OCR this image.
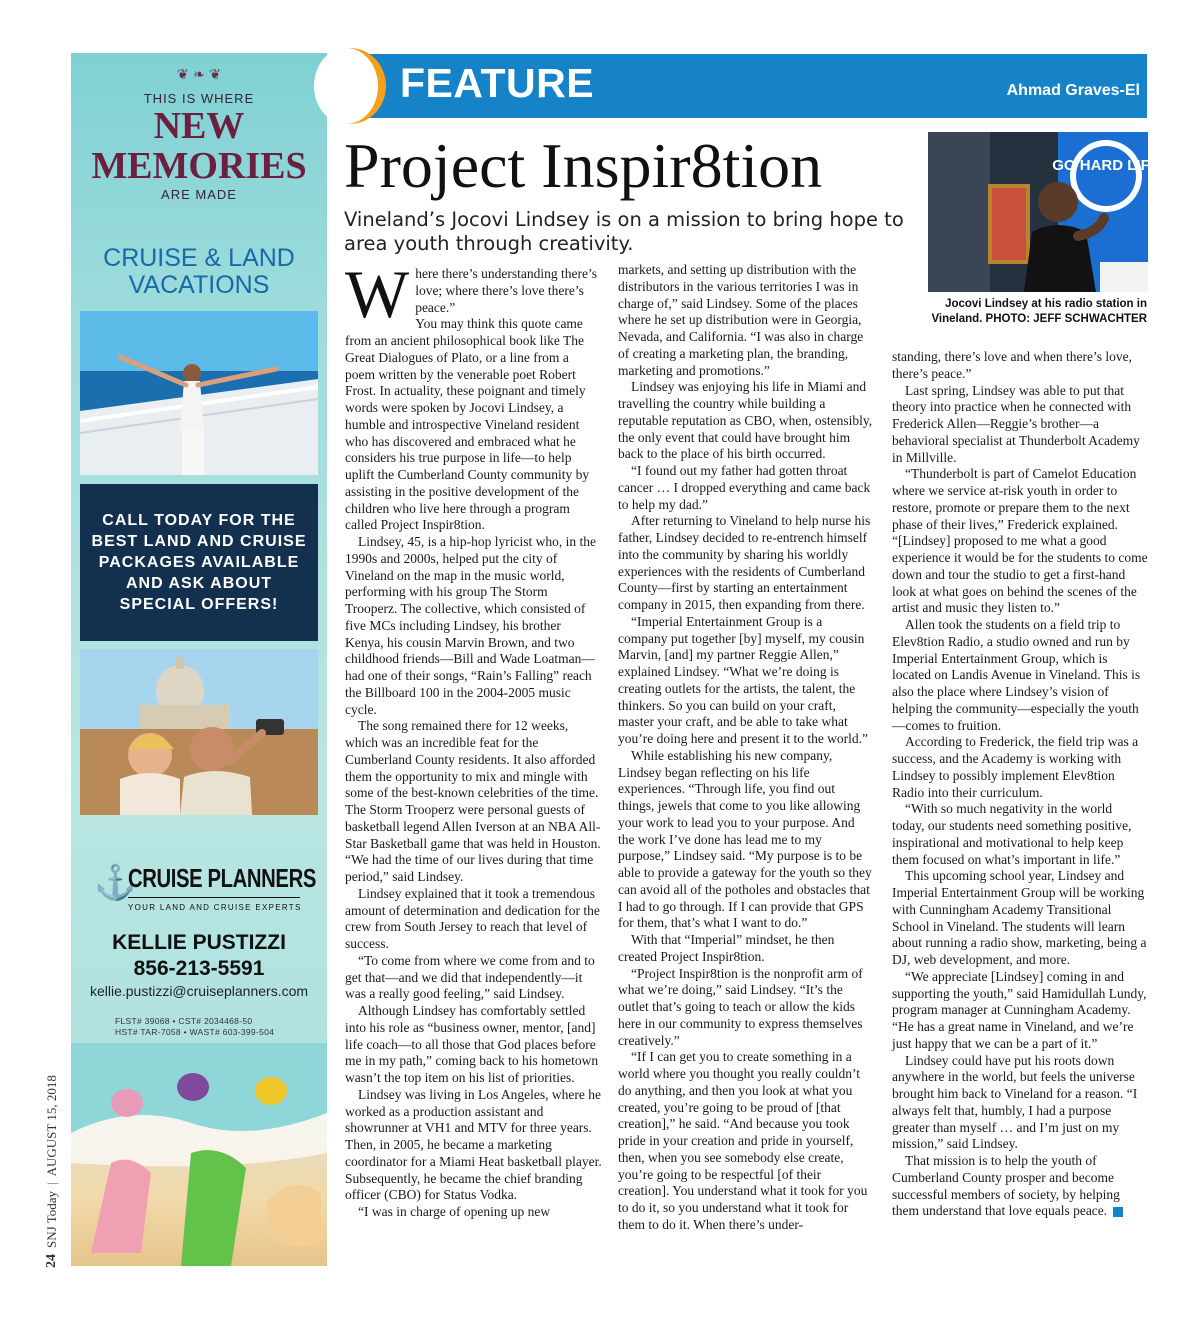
24
SNJ Today
|
AUGUST 15, 2018
❦ ❧ ❦
THIS IS WHERE
NEW
MEMORIES
ARE MADE
CRUISE & LAND VACATIONS
CALL TODAY FOR THE BEST LAND AND CRUISE PACKAGES AVAILABLE AND ASK ABOUT SPECIAL OFFERS!
⚓
CRUISE PLANNERS
YOUR LAND AND CRUISE EXPERTS
KELLIE PUSTIZZI
856-213-5591
kellie.pustizzi@cruiseplanners.com
FLST# 39068 • CST# 2034468-50
HST# TAR-7058 • WAST# 603-399-504
FEATURE	Ahmad Graves-El
Project Inspir8tion
Vineland’s Jocovi Lindsey is on a mission to bring hope to area youth through creativity.
GO HARD LIFE
Jocovi Lindsey at his radio station in Vineland. PHOTO: JEFF SCHWACHTER

Where there’s understanding there’s love; where there’s love there’s peace.”

You may think this quote came from an ancient philosophical book like The Great Dialogues of Plato, or a line from a poem written by the venerable poet Robert Frost. In actuality, these poignant and timely words were spoken by Jocovi Lindsey, a humble and introspective Vineland resident who has discovered and embraced what he considers his true purpose in life—to help uplift the Cumberland County community by assisting in the positive development of the children who live here through a program called Project Inspir8tion.

Lindsey, 45, is a hip-hop lyricist who, in the 1990s and 2000s, helped put the city of Vineland on the map in the music world, performing with his group The Storm Trooperz. The collective, which consisted of five MCs including Lindsey, his brother Kenya, his cousin Marvin Brown, and two childhood friends—Bill and Wade Loatman—had one of their songs, “Rain’s Falling” reach the Billboard 100 in the 2004-2005 music cycle.

The song remained there for 12 weeks, which was an incredible feat for the Cumberland County residents. It also afforded them the opportunity to mix and mingle with some of the best-known celebrities of the time. The Storm Trooperz were personal guests of basketball legend Allen Iverson at an NBA All-Star Basketball game that was held in Houston. “We had the time of our lives during that time period,” said Lindsey.

Lindsey explained that it took a tremendous amount of determination and dedication for the crew from South Jersey to reach that level of success.

“To come from where we come from and to get that—and we did that independently—it was a really good feeling,” said Lindsey.

Although Lindsey has comfortably settled into his role as “business owner, mentor, [and] life coach—to all those that God places before me in my path,” coming back to his hometown wasn’t the top item on his list of priorities.

Lindsey was living in Los Angeles, where he worked as a production assistant and showrunner at VH1 and MTV for three years. Then, in 2005, he became a marketing coordinator for a Miami Heat basketball player. Subsequently, he became the chief branding officer (CBO) for Status Vodka.

“I was in charge of opening up new

markets, and setting up distribution with the distributors in the various territories I was in charge of,” said Lindsey. Some of the places where he set up distribution were in Georgia, Nevada, and California. “I was also in charge of creating a marketing plan, the branding, marketing and promotions.”

Lindsey was enjoying his life in Miami and travelling the country while building a reputable reputation as CBO, when, ostensibly, the only event that could have brought him back to the place of his birth occurred.

“I found out my father had gotten throat cancer … I dropped everything and came back to help my dad.”

After returning to Vineland to help nurse his father, Lindsey decided to re-entrench himself into the community by sharing his worldly experiences with the residents of Cumberland County—first by starting an entertainment company in 2015, then expanding from there.

“Imperial Entertainment Group is a company put together [by] myself, my cousin Marvin, [and] my partner Reggie Allen,” explained Lindsey. “What we’re doing is creating outlets for the artists, the talent, the thinkers. So you can build on your craft, master your craft, and be able to take what you’re doing here and present it to the world.”

While establishing his new company, Lindsey began reflecting on his life experiences. “Through life, you find out things, jewels that come to you like allowing your work to lead you to your purpose. And the work I’ve done has lead me to my purpose,” Lindsey said. “My purpose is to be able to provide a gateway for the youth so they can avoid all of the potholes and obstacles that I had to go through. If I can provide that GPS for them, that’s what I want to do.”

With that “Imperial” mindset, he then created Project Inspir8tion.

“Project Inspir8tion is the nonprofit arm of what we’re doing,” said Lindsey. “It’s the outlet that’s going to teach or allow the kids here in our community to express themselves creatively.”

“If I can get you to create something in a world where you thought you really couldn’t do anything, and then you look at what you created, you’re going to be proud of [that creation],” he said. “And because you took pride in your creation and pride in yourself, then, when you see somebody else create, you’re going to be respectful [of their creation]. You understand what it took for you to do it, so you understand what it took for them to do it. When there’s under-

standing, there’s love and when there’s love, there’s peace.”

Last spring, Lindsey was able to put that theory into practice when he connected with Frederick Allen—Reggie’s brother—a behavioral specialist at Thunderbolt Academy in Millville.

“Thunderbolt is part of Camelot Education where we service at-risk youth in order to restore, promote or prepare them to the next phase of their lives,” Frederick explained. “[Lindsey] proposed to me what a good experience it would be for the students to come down and tour the studio to get a first-hand look at what goes on behind the scenes of the artist and music they listen to.”

Allen took the students on a field trip to Elev8tion Radio, a studio owned and run by Imperial Entertainment Group, which is located on Landis Avenue in Vineland. This is also the place where Lindsey’s vision of helping the community—especially the youth—comes to fruition.

According to Frederick, the field trip was a success, and the Academy is working with Lindsey to possibly implement Elev8tion Radio into their curriculum.

“With so much negativity in the world today, our students need something positive, inspirational and motivational to help keep them focused on what’s important in life.”

This upcoming school year, Lindsey and Imperial Entertainment Group will be working with Cunningham Academy Transitional School in Vineland. The students will learn about running a radio show, marketing, being a DJ, web development, and more.

“We appreciate [Lindsey] coming in and supporting the youth,” said Hamidullah Lundy, program manager at Cunningham Academy. “He has a great name in Vineland, and we’re just happy that we can be a part of it.”

Lindsey could have put his roots down anywhere in the world, but feels the universe brought him back to Vineland for a reason. “I always felt that, humbly, I had a purpose greater than myself … and I’m just on my mission,” said Lindsey.

That mission is to help the youth of Cumberland County prosper and become successful members of society, by helping them understand that love equals peace.
